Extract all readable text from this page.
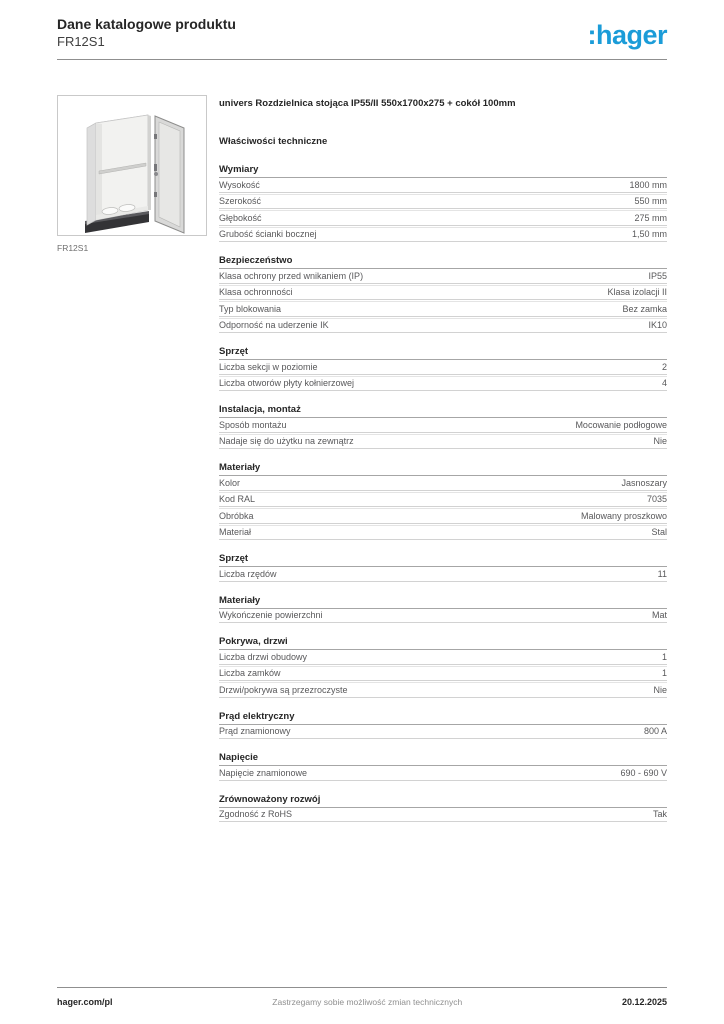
Dane katalogowe produktu
FR12S1	:hager
FR12S1
univers Rozdzielnica stojąca IP55/II 550x1700x275 + cokół 100mm
Właściwości techniczne
Wymiary
Wysokość	1800 mm
Szerokość	550 mm
Głębokość	275 mm
Grubość ścianki bocznej	1,50 mm
Bezpieczeństwo
Klasa ochrony przed wnikaniem (IP)	IP55
Klasa ochronności	Klasa izolacji II
Typ blokowania	Bez zamka
Odporność na uderzenie IK	IK10
Sprzęt
Liczba sekcji w poziomie	2
Liczba otworów płyty kołnierzowej	4
Instalacja, montaż
Sposób montażu	Mocowanie podłogowe
Nadaje się do użytku na zewnątrz	Nie
Materiały
Kolor	Jasnoszary
Kod RAL	7035
Obróbka	Malowany proszkowo
Materiał	Stal
Sprzęt
Liczba rzędów	11
Materiały
Wykończenie powierzchni	Mat
Pokrywa, drzwi
Liczba drzwi obudowy	1
Liczba zamków	1
Drzwi/pokrywa są przezroczyste	Nie
Prąd elektryczny
Prąd znamionowy	800 A
Napięcie
Napięcie znamionowe	690 - 690 V
Zrównoważony rozwój
Zgodność z RoHS	Tak
hager.com/pl	Zastrzegamy sobie możliwość zmian technicznych	20.12.2025
